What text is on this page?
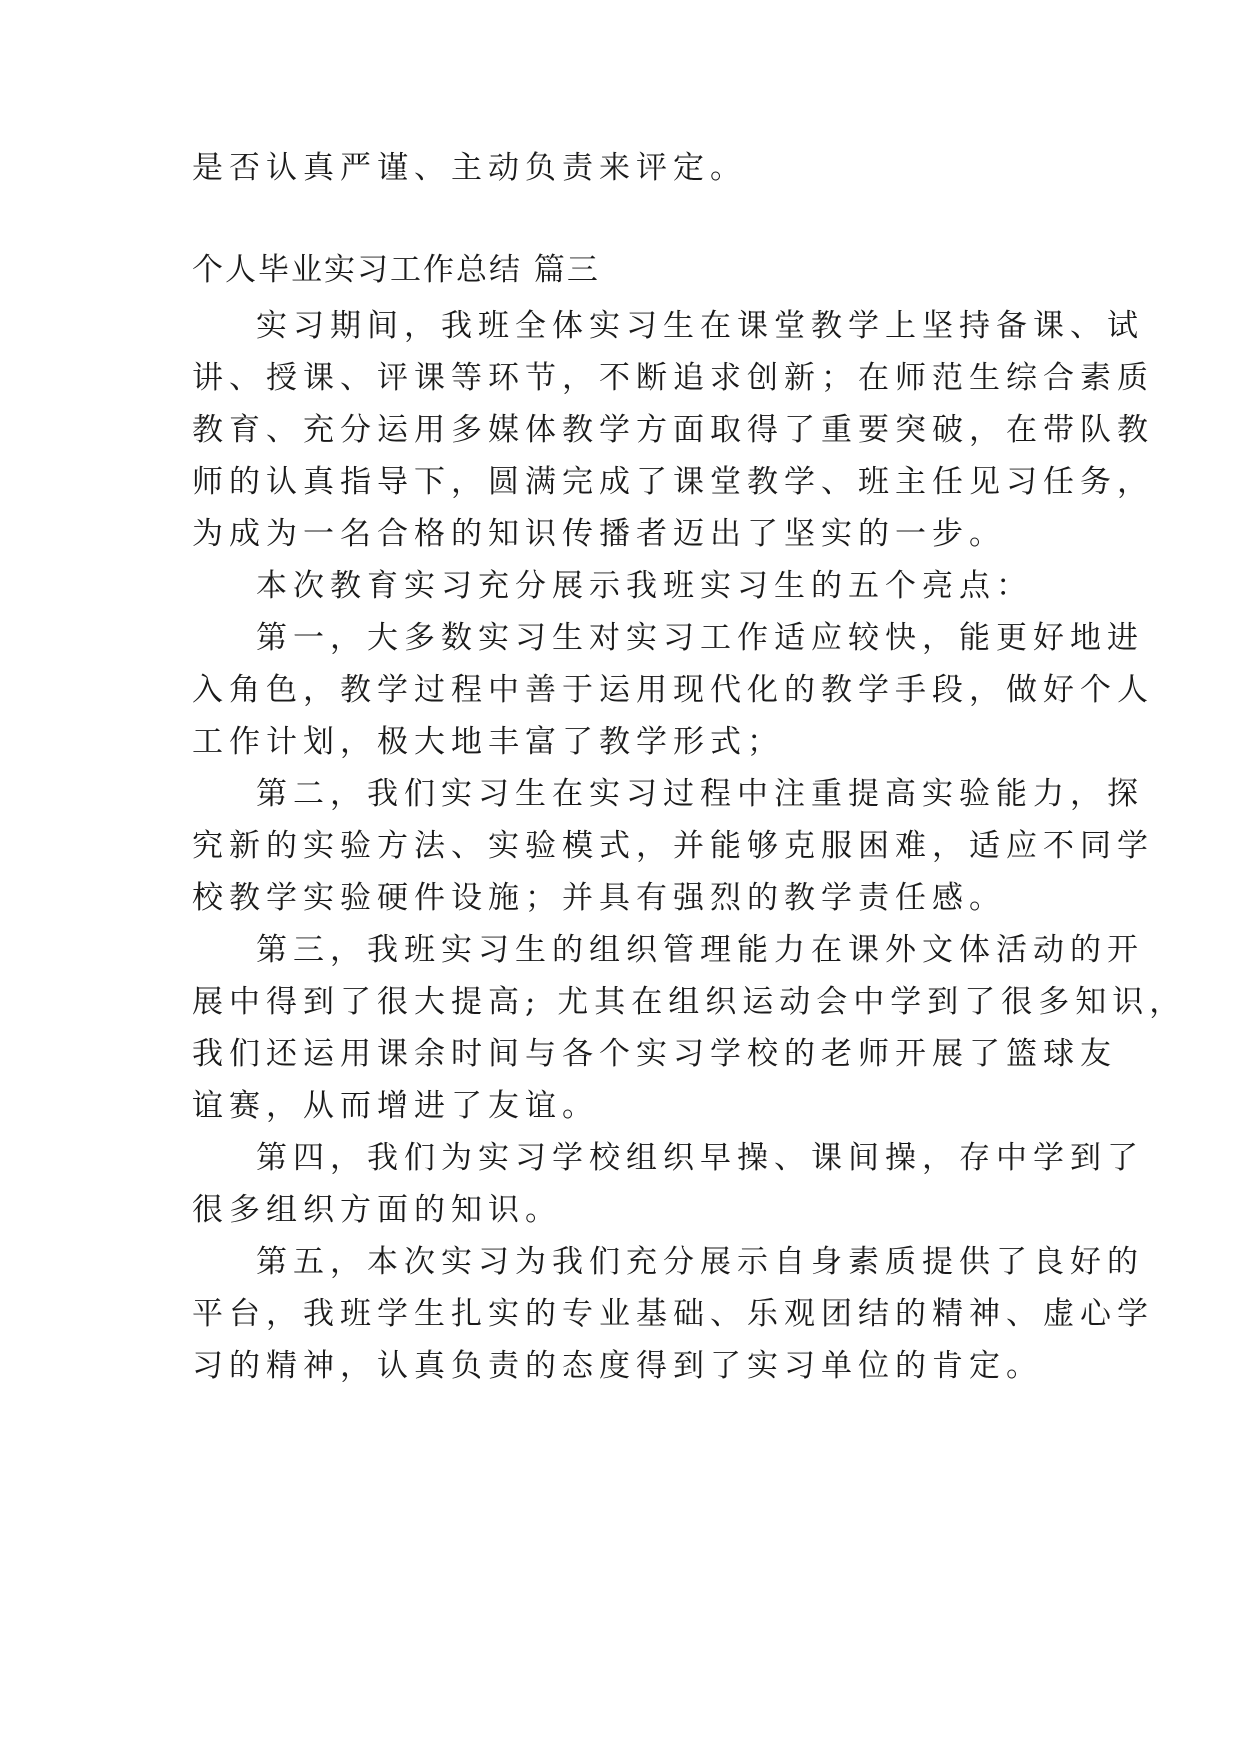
是否认真严谨、主动负责来评定。
个人毕业实习工作总结 篇三
实习期间，我班全体实习生在课堂教学上坚持备课、试
讲、授课、评课等环节，不断追求创新；在师范生综合素质
教育、充分运用多媒体教学方面取得了重要突破，在带队教
师的认真指导下，圆满完成了课堂教学、班主任见习任务，
为成为一名合格的知识传播者迈出了坚实的一步。
本次教育实习充分展示我班实习生的五个亮点：
第一，大多数实习生对实习工作适应较快，能更好地进
入角色，教学过程中善于运用现代化的教学手段，做好个人
工作计划，极大地丰富了教学形式；
第二，我们实习生在实习过程中注重提高实验能力，探
究新的实验方法、实验模式，并能够克服困难，适应不同学
校教学实验硬件设施；并具有强烈的教学责任感。
第三，我班实习生的组织管理能力在课外文体活动的开
展中得到了很大提高; 尤其在组织运动会中学到了很多知识，
我们还运用课余时间与各个实习学校的老师开展了篮球友
谊赛，从而增进了友谊。
第四，我们为实习学校组织早操、课间操，存中学到了
很多组织方面的知识。
第五，本次实习为我们充分展示自身素质提供了良好的
平台，我班学生扎实的专业基础、乐观团结的精神、虚心学
习的精神，认真负责的态度得到了实习单位的肯定。
